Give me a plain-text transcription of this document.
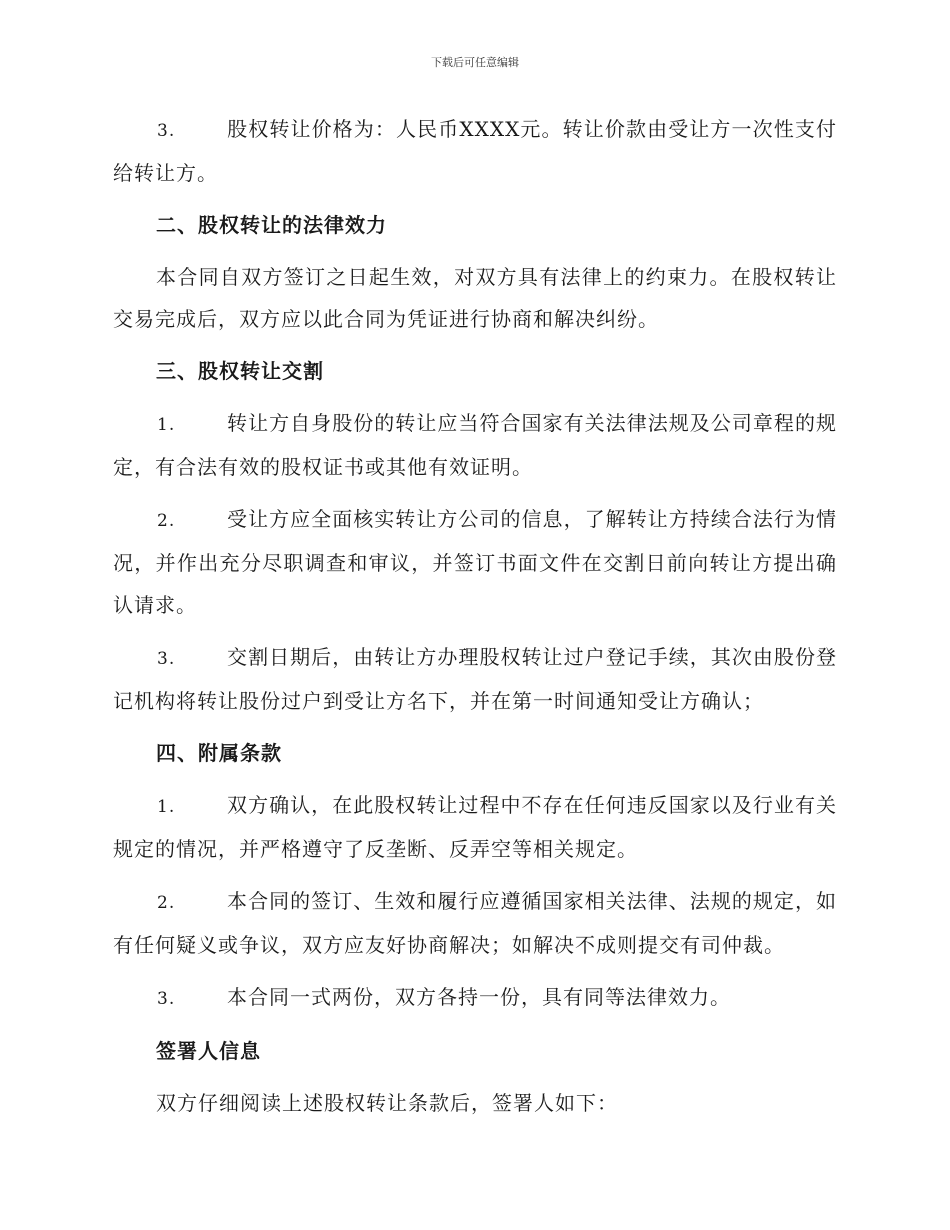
下载后可任意编辑

3.	股权转让价格为：人民币XXXX元。转让价款由受让方一次性支付给转让方。

二、股权转让的法律效力

本合同自双方签订之日起生效，对双方具有法律上的约束力。在股权转让交易完成后，双方应以此合同为凭证进行协商和解决纠纷。

三、股权转让交割

1.	转让方自身股份的转让应当符合国家有关法律法规及公司章程的规定，有合法有效的股权证书或其他有效证明。

2.	受让方应全面核实转让方公司的信息，了解转让方持续合法行为情况，并作出充分尽职调查和审议，并签订书面文件在交割日前向转让方提出确认请求。

3.	交割日期后，由转让方办理股权转让过户登记手续，其次由股份登记机构将转让股份过户到受让方名下，并在第一时间通知受让方确认；

四、附属条款

1.	双方确认，在此股权转让过程中不存在任何违反国家以及行业有关规定的情况，并严格遵守了反垄断、反弄空等相关规定。

2.	本合同的签订、生效和履行应遵循国家相关法律、法规的规定，如有任何疑义或争议，双方应友好协商解决；如解决不成则提交有司仲裁。

3.	本合同一式两份，双方各持一份，具有同等法律效力。

签署人信息

双方仔细阅读上述股权转让条款后，签署人如下：
